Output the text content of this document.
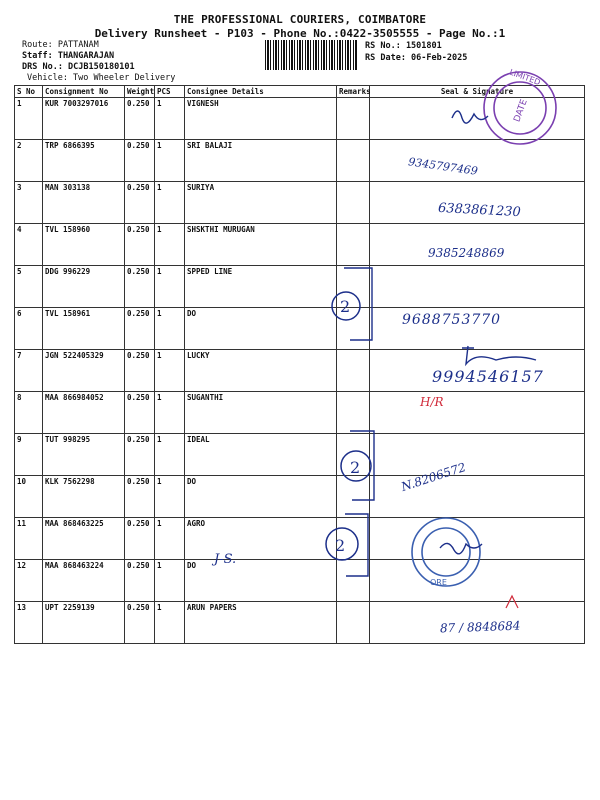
THE PROFESSIONAL COURIERS, COIMBATORE
Delivery Runsheet - P103 - Phone No.:0422-3505555 - Page No.:1
Route: PATTANAM
Staff: THANGARAJAN
DRS No.: DCJB150180101
Vehicle: Two Wheeler Delivery
RS No.: 1501801
RS Date: 06-Feb-2025
S No	Consignment No	Weight	PCS	Consignee Details	Remarks	Seal & Signature
1	KUR 7003297016	0.250	1	VIGNESH		
2	TRP 6866395	0.250	1	SRI BALAJI		
3	MAN 303138	0.250	1	SURIYA		
4	TVL 158960	0.250	1	SHSKTHI MURUGAN		
5	DDG 996229	0.250	1	SPPED LINE		
6	TVL 158961	0.250	1	DO		
7	JGN 522405329	0.250	1	LUCKY		
8	MAA 866984052	0.250	1	SUGANTHI		
9	TUT 998295	0.250	1	IDEAL		
10	KLK 7562298	0.250	1	DO		
11	MAA 868463225	0.250	1	AGRO		
12	MAA 868463224	0.250	1	DO		
13	UPT 2259139	0.250	1	ARUN PAPERS		
LIMITED
DATE
2
2
2
ORE
9345797469
6383861230
9385248869
9688753770
9994546157
H/R
N.8206572
J-S.
87 / 8848684
